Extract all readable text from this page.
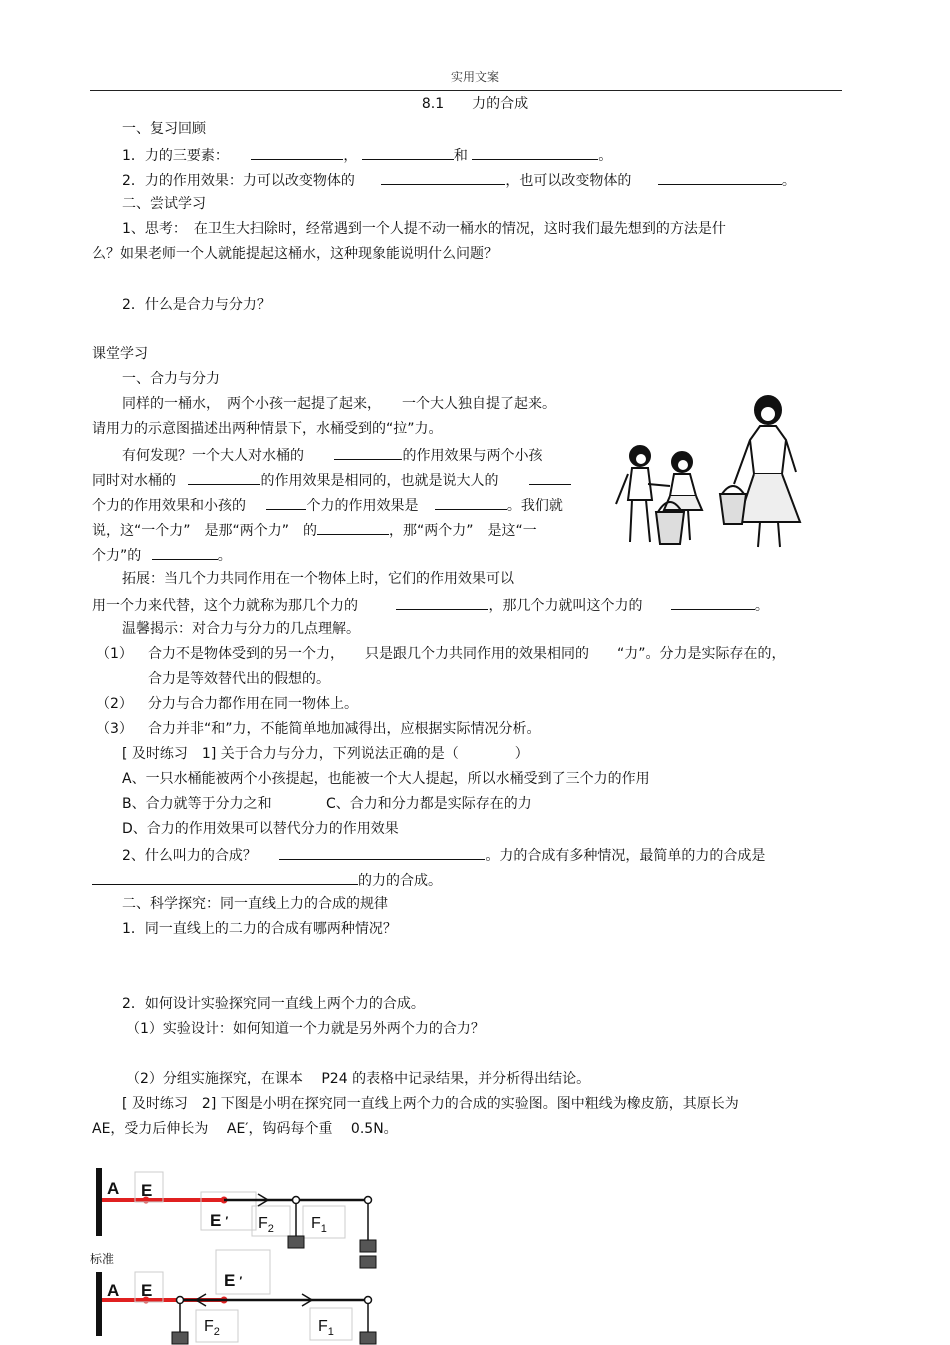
实用文案
8.1　　力的合成
一、复习回顾
1．力的三要素：	，	和	。
2．力的作用效果：力可以改变物体的	，也可以改变物体的	。
二、尝试学习
1、思考：　在卫生大扫除时，经常遇到一个人提不动一桶水的情况，这时我们最先想到的方法是什
么？如果老师一个人就能提起这桶水，这种现象能说明什么问题？
2．什么是合力与分力？
课堂学习
一、合力与分力
同样的一桶水，　两个小孩一起提了起来，　　一个大人独自提了起来。
请用力的示意图描述出两种情景下，水桶受到的“拉”力。
有何发现？一个大人对水桶的	的作用效果与两个小孩
同时对水桶的	的作用效果是相同的，也就是说大人的
个力的作用效果和小孩的	个力的作用效果是	。我们就
说，这“一个力”　是那“两个力”　的	，那“两个力”　是这“一
个力”的	。
拓展：当几个力共同作用在一个物体上时，它们的作用效果可以
用一个力来代替，这个力就称为那几个力的	，那几个力就叫这个力的	。
温馨揭示：对合力与分力的几点理解。
（1） 合力不是物体受到的另一个力，　　只是跟几个力共同作用的效果相同的　　“力”。分力是实际存在的，
合力是等效替代出的假想的。
（2） 分力与合力都作用在同一物体上。
（3） 合力并非“和”力，不能简单地加减得出，应根据实际情况分析。
[ 及时练习　1] 关于合力与分力，下列说法正确的是（　　　　）
A、一只水桶能被两个小孩提起，也能被一个大人提起，所以水桶受到了三个力的作用
B、合力就等于分力之和	C、合力和分力都是实际存在的力
D、合力的作用效果可以替代分力的作用效果
2、什么叫力的合成？	。力的合成有多种情况，最简单的力的合成是
的力的合成。
二、科学探究：同一直线上力的合成的规律
1．同一直线上的二力的合成有哪两种情况？
2．如何设计实验探究同一直线上两个力的合成。
（1）实验设计：如何知道一个力就是另外两个力的合力？
（2）分组实施探究，在课本　 P24 的表格中记录结果，并分析得出结论。
[ 及时练习　2] 下图是小明在探究同一直线上两个力的合成的实验图。图中粗线为橡皮筋，其原长为
AE，受力后伸长为　 AE′，钩码每个重　 0.5N。
A E
E ′ $F_2$ $F_1$
标准
A E
E ′
$F_2$	$F_1$
